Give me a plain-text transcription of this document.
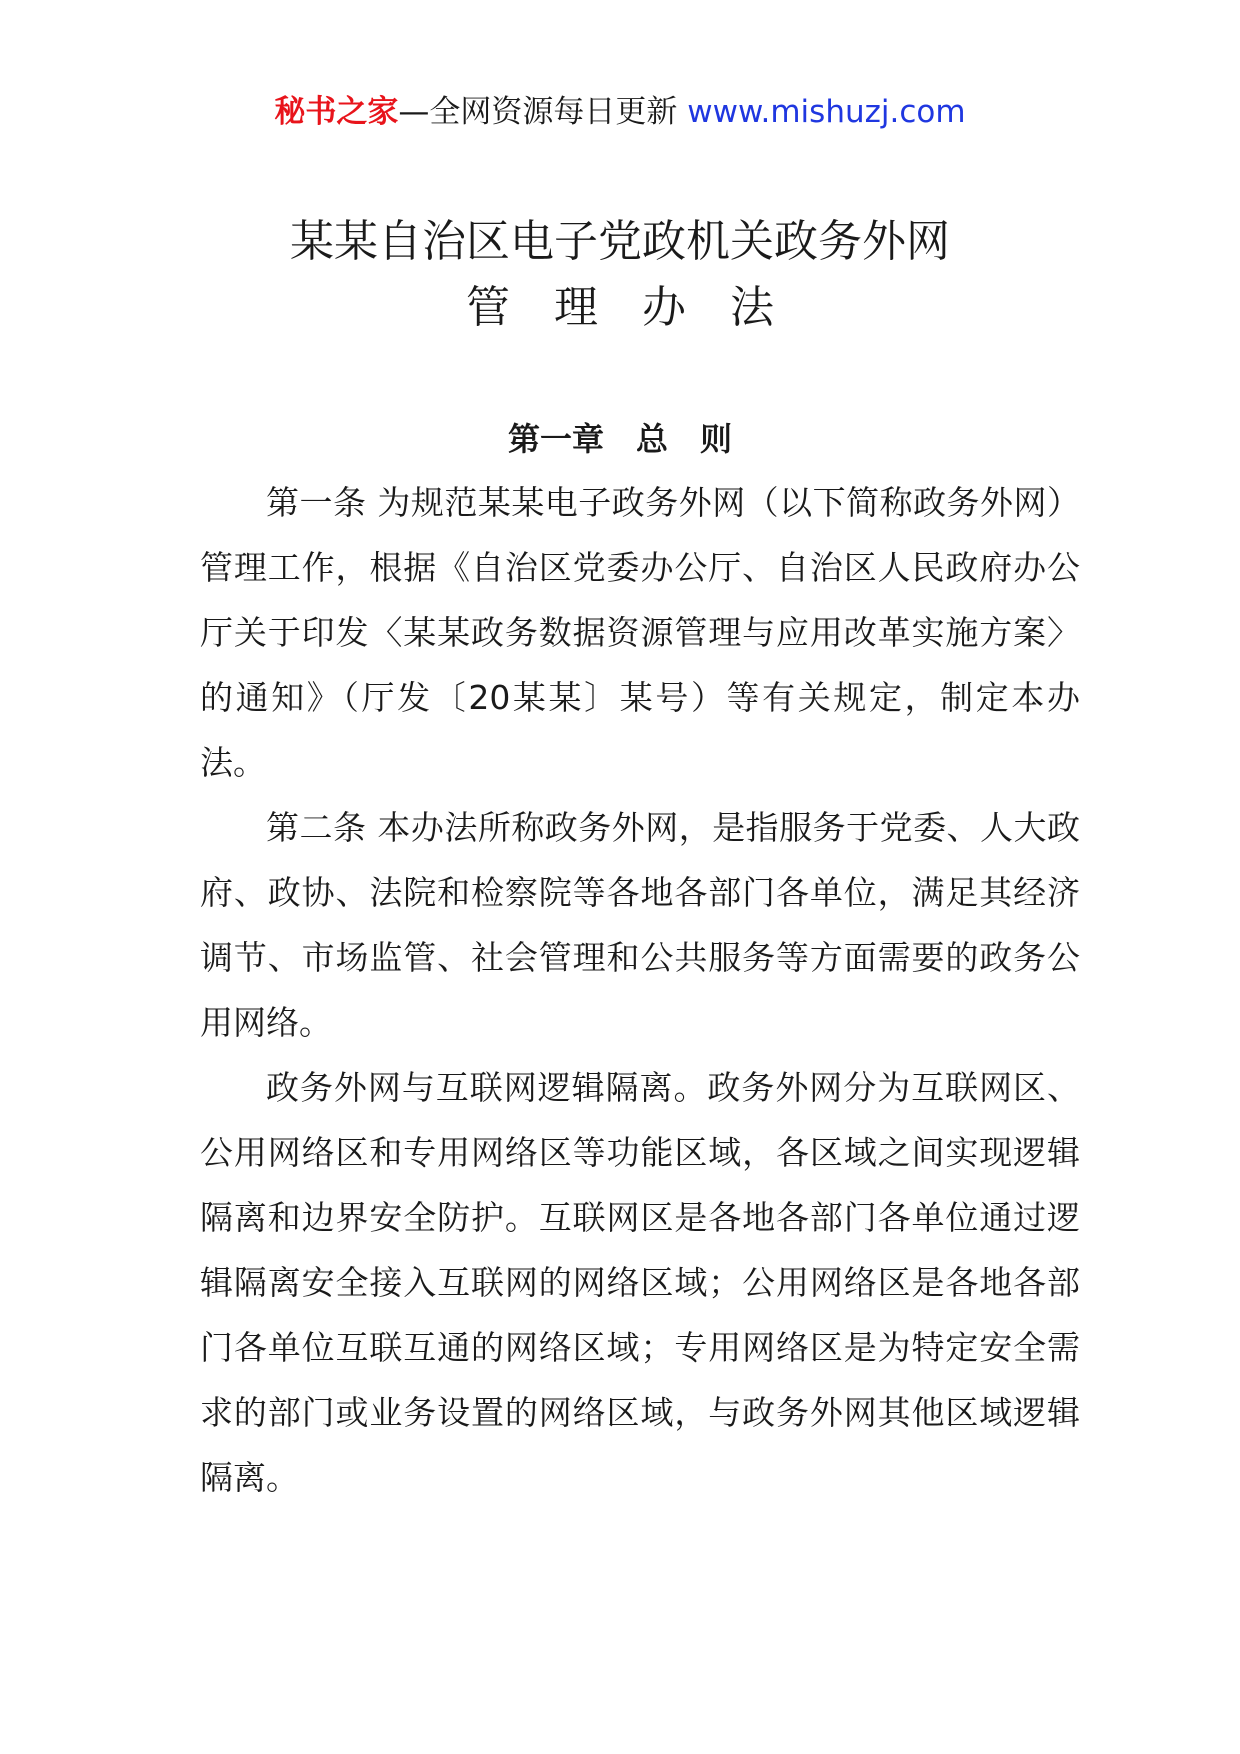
秘书之家—全网资源每日更新 www.mishuzj.com
某某自治区电子党政机关政务外网
管　理　办　法
第一章　总　则

第一条 为规范某某电子政务外网（以下简称政务外网）管理工作，根据《自治区党委办公厅、自治区人民政府办公厅关于印发〈某某政务数据资源管理与应用改革实施方案〉的通知》（厅发〔20某某〕某号）等有关规定，制定本办法。

第二条 本办法所称政务外网，是指服务于党委、人大政府、政协、法院和检察院等各地各部门各单位，满足其经济调节、市场监管、社会管理和公共服务等方面需要的政务公用网络。

政务外网与互联网逻辑隔离。政务外网分为互联网区、公用网络区和专用网络区等功能区域，各区域之间实现逻辑隔离和边界安全防护。互联网区是各地各部门各单位通过逻辑隔离安全接入互联网的网络区域；公用网络区是各地各部门各单位互联互通的网络区域；专用网络区是为特定安全需求的部门或业务设置的网络区域，与政务外网其他区域逻辑隔离。
